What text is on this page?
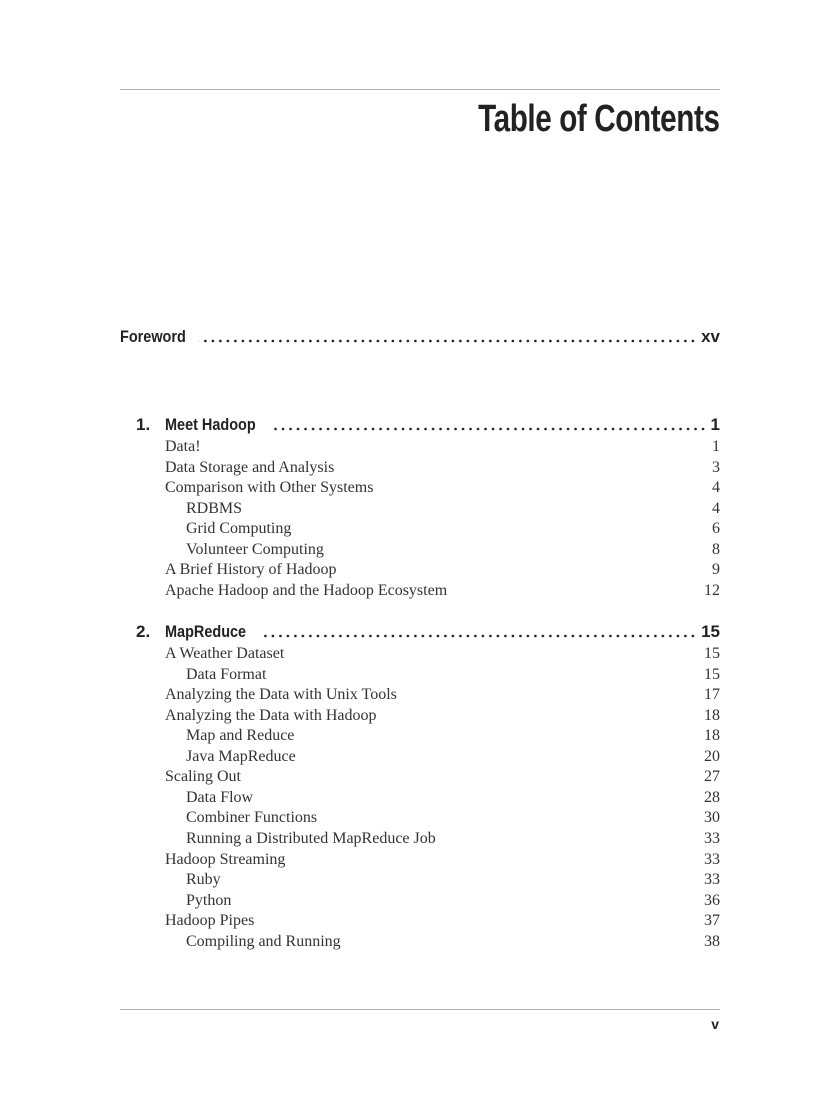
Table of Contents
Foreword	xv
1. Meet Hadoop	1
Data!	1
Data Storage and Analysis	3
Comparison with Other Systems	4
RDBMS	4
Grid Computing	6
Volunteer Computing	8
A Brief History of Hadoop	9
Apache Hadoop and the Hadoop Ecosystem	12
2. MapReduce	15
A Weather Dataset	15
Data Format	15
Analyzing the Data with Unix Tools	17
Analyzing the Data with Hadoop	18
Map and Reduce	18
Java MapReduce	20
Scaling Out	27
Data Flow	28
Combiner Functions	30
Running a Distributed MapReduce Job	33
Hadoop Streaming	33
Ruby	33
Python	36
Hadoop Pipes	37
Compiling and Running	38
v
